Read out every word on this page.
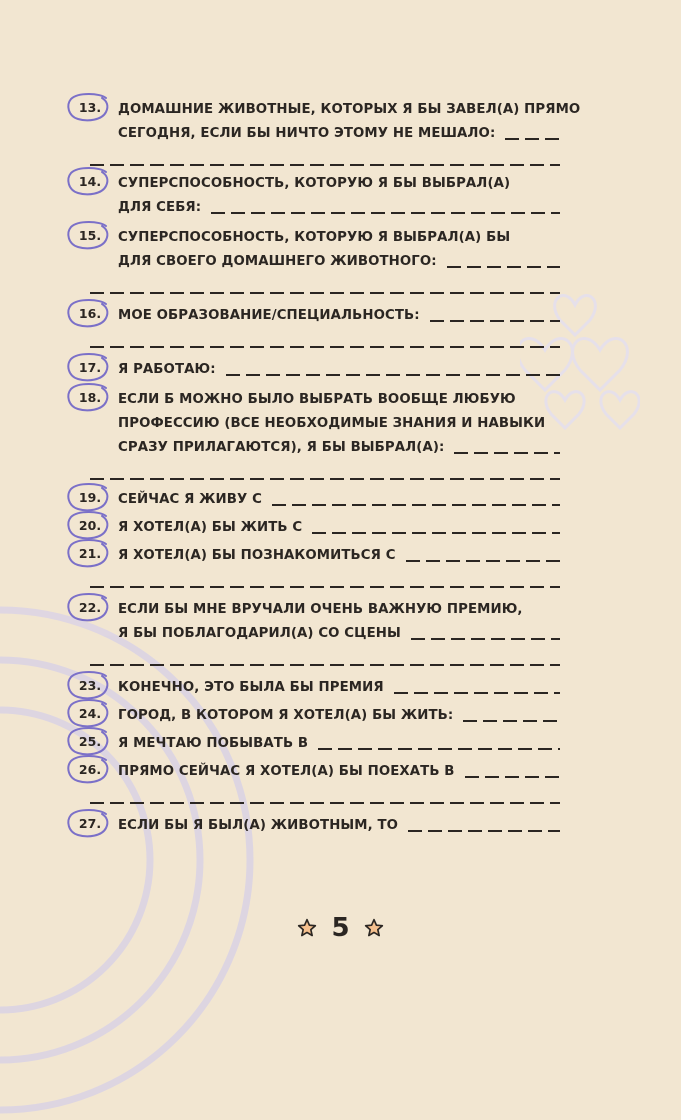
13. ДОМАШНИЕ ЖИВОТНЫЕ, КОТОРЫХ Я БЫ ЗАВЕЛ(А) ПРЯМО
СЕГОДНЯ, ЕСЛИ БЫ НИЧТО ЭТОМУ НЕ МЕШАЛО:
14. СУПЕРСПОСОБНОСТЬ, КОТОРУЮ Я БЫ ВЫБРАЛ(А)
ДЛЯ СЕБЯ:
15. СУПЕРСПОСОБНОСТЬ, КОТОРУЮ Я ВЫБРАЛ(А) БЫ
ДЛЯ СВОЕГО ДОМАШНЕГО ЖИВОТНОГО:
16. МОЕ ОБРАЗОВАНИЕ/СПЕЦИАЛЬНОСТЬ:
17. Я РАБОТАЮ:
18. ЕСЛИ Б МОЖНО БЫЛО ВЫБРАТЬ ВООБЩЕ ЛЮБУЮ
ПРОФЕССИЮ (ВСЕ НЕОБХОДИМЫЕ ЗНАНИЯ И НАВЫКИ
СРАЗУ ПРИЛАГАЮТСЯ), Я БЫ ВЫБРАЛ(А):
19. СЕЙЧАС Я ЖИВУ С
20. Я ХОТЕЛ(А) БЫ ЖИТЬ С
21. Я ХОТЕЛ(А) БЫ ПОЗНАКОМИТЬСЯ С
22. ЕСЛИ БЫ МНЕ ВРУЧАЛИ ОЧЕНЬ ВАЖНУЮ ПРЕМИЮ,
Я БЫ ПОБЛАГОДАРИЛ(А) СО СЦЕНЫ
23. КОНЕЧНО, ЭТО БЫЛА БЫ ПРЕМИЯ
24. ГОРОД, В КОТОРОМ Я ХОТЕЛ(А) БЫ ЖИТЬ:
25. Я МЕЧТАЮ ПОБЫВАТЬ В
26. ПРЯМО СЕЙЧАС Я ХОТЕЛ(А) БЫ ПОЕХАТЬ В
27. ЕСЛИ БЫ Я БЫЛ(А) ЖИВОТНЫМ, ТО
5
